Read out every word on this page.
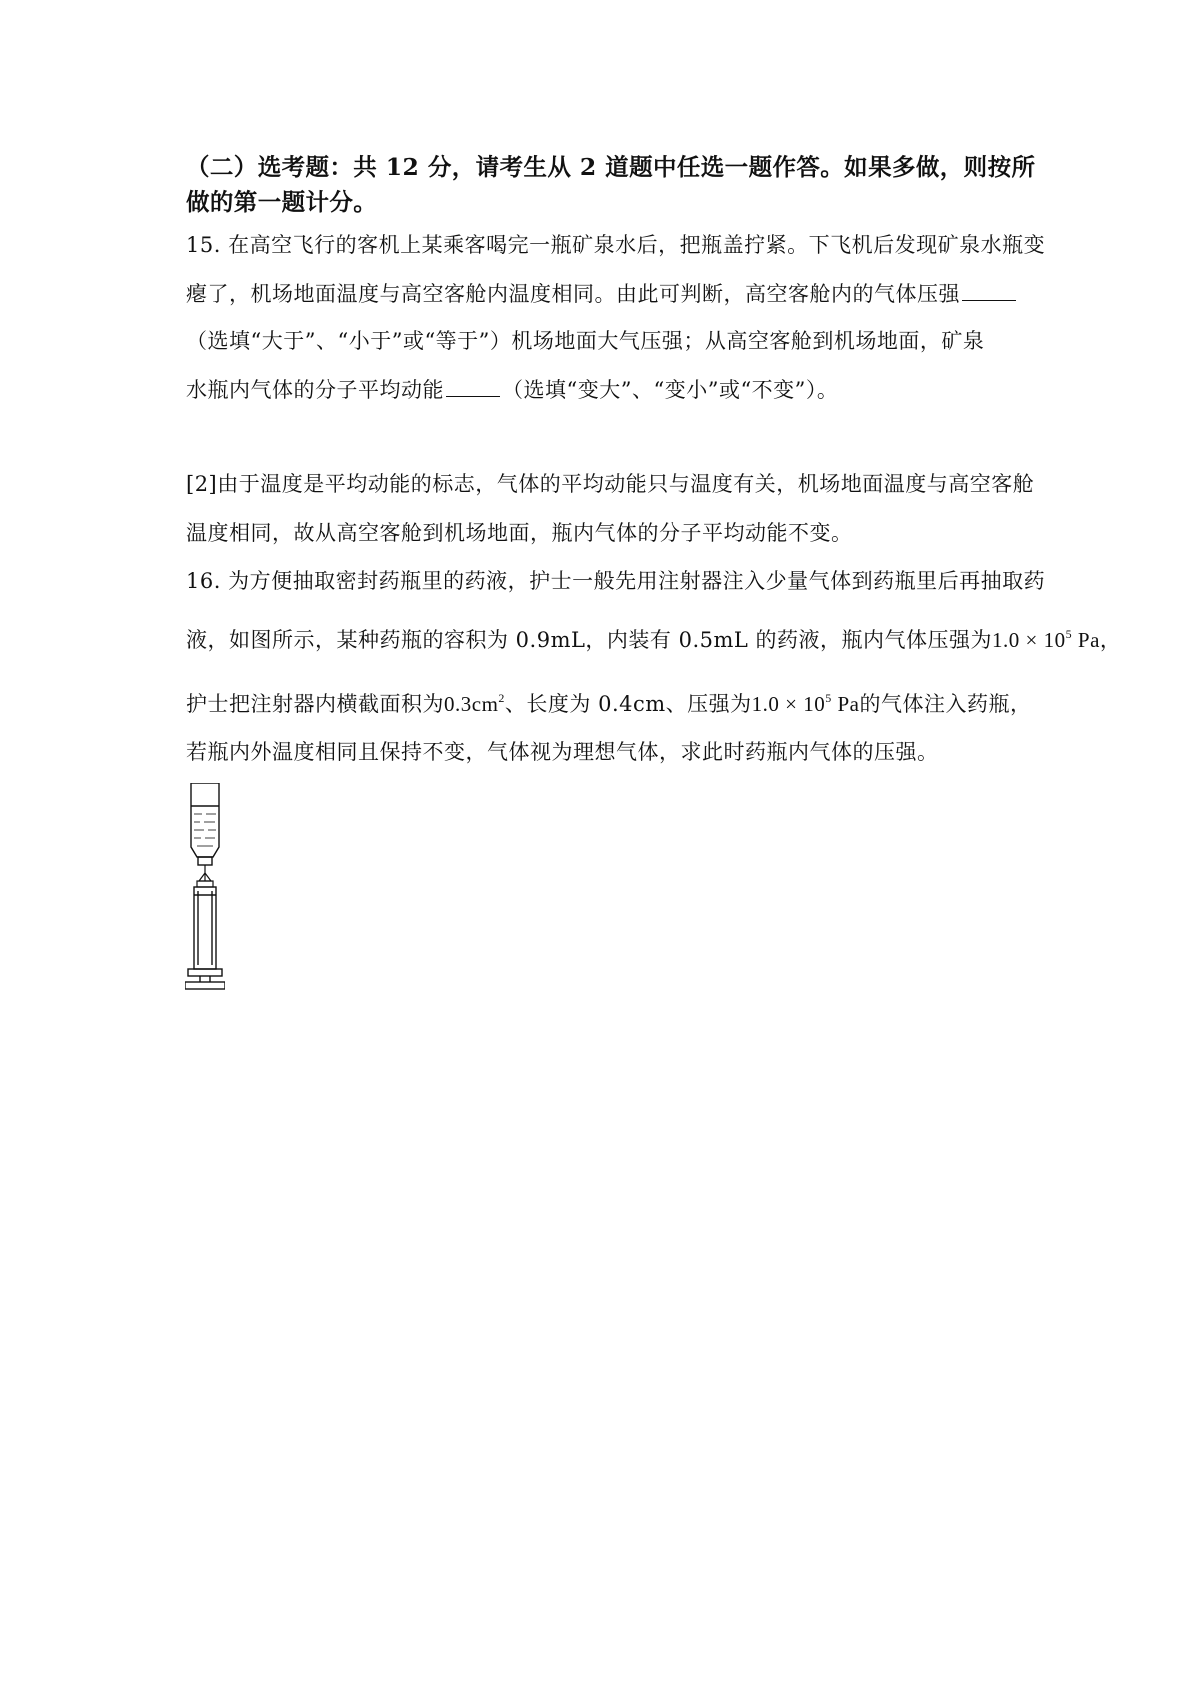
（二）选考题：共 12 分，请考生从 2 道题中任选一题作答。如果多做，则按所
做的第一题计分。
15. 在高空飞行的客机上某乘客喝完一瓶矿泉水后，把瓶盖拧紧。下飞机后发现矿泉水瓶变
瘪了，机场地面温度与高空客舱内温度相同。由此可判断，高空客舱内的气体压强
（选填“大于”、“小于”或“等于”）机场地面大气压强；从高空客舱到机场地面，矿泉
水瓶内气体的分子平均动能	（选填“变大”、“变小”或“不变”）。
[2]由于温度是平均动能的标志，气体的平均动能只与温度有关，机场地面温度与高空客舱
温度相同，故从高空客舱到机场地面，瓶内气体的分子平均动能不变。
16. 为方便抽取密封药瓶里的药液，护士一般先用注射器注入少量气体到药瓶里后再抽取药
液，如图所示，某种药瓶的容积为 0.9mL，内装有 0.5mL 的药液，瓶内气体压强为$1.0 \times 10^5$ Pa，
护士把注射器内横截面积为$0.3cm^2$、长度为 0.4cm、压强为$1.0 \times 10^5$ Pa的气体注入药瓶，
若瓶内外温度相同且保持不变，气体视为理想气体，求此时药瓶内气体的压强。
